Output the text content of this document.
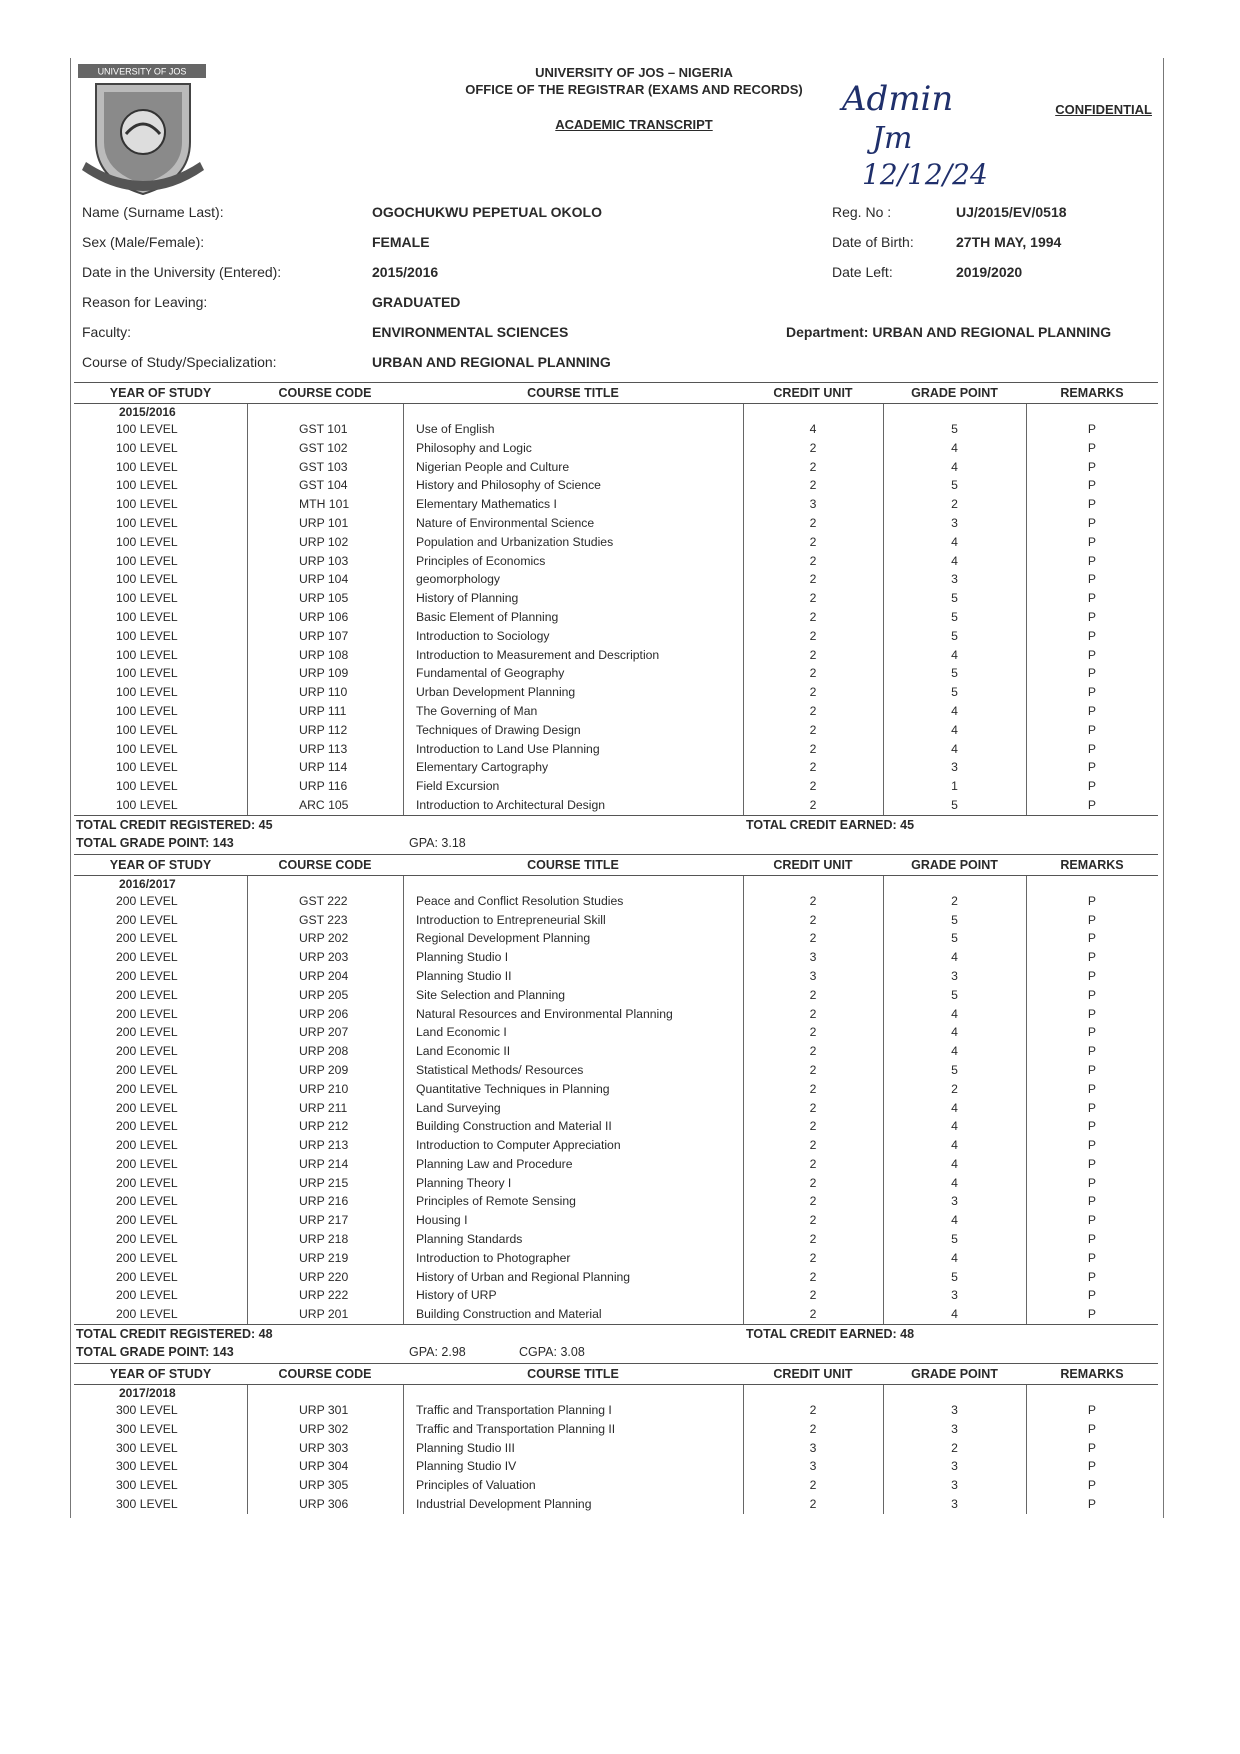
UNIVERSITY OF JOS	UNIVERSITY OF JOS – NIGERIA
OFFICE OF THE REGISTRAR (EXAMS AND RECORDS)
ACADEMIC TRANSCRIPT
Admin
Jm
12/12/24
CONFIDENTIAL
Name (Surname Last):	OGOCHUKWU PEPETUAL OKOLO
Sex (Male/Female):	FEMALE
Date in the University (Entered):	2015/2016
Reason for Leaving:	GRADUATED
Faculty:	ENVIRONMENTAL SCIENCES
Course of Study/Specialization:	URBAN AND REGIONAL PLANNING
Reg. No :	UJ/2015/EV/0518
Date of Birth:	27TH MAY, 1994
Date Left:	2019/2020
Department: URBAN AND REGIONAL PLANNING
YEAR OF STUDY	COURSE CODE	COURSE TITLE	CREDIT UNIT	GRADE POINT	REMARKS
2015/2016
100 LEVEL	GST 101	Use of English	4	5	P
100 LEVEL	GST 102	Philosophy and Logic	2	4	P
100 LEVEL	GST 103	Nigerian People and Culture	2	4	P
100 LEVEL	GST 104	History and Philosophy of Science	2	5	P
100 LEVEL	MTH 101	Elementary Mathematics I	3	2	P
100 LEVEL	URP 101	Nature of Environmental Science	2	3	P
100 LEVEL	URP 102	Population and Urbanization Studies	2	4	P
100 LEVEL	URP 103	Principles of Economics	2	4	P
100 LEVEL	URP 104	geomorphology	2	3	P
100 LEVEL	URP 105	History of Planning	2	5	P
100 LEVEL	URP 106	Basic Element of Planning	2	5	P
100 LEVEL	URP 107	Introduction to Sociology	2	5	P
100 LEVEL	URP 108	Introduction to Measurement and Description	2	4	P
100 LEVEL	URP 109	Fundamental of Geography	2	5	P
100 LEVEL	URP 110	Urban Development Planning	2	5	P
100 LEVEL	URP 111	The Governing of Man	2	4	P
100 LEVEL	URP 112	Techniques of Drawing Design	2	4	P
100 LEVEL	URP 113	Introduction to Land Use Planning	2	4	P
100 LEVEL	URP 114	Elementary Cartography	2	3	P
100 LEVEL	URP 116	Field Excursion	2	1	P
100 LEVEL	ARC 105	Introduction to Architectural Design	2	5	P
TOTAL CREDIT REGISTERED: 45
TOTAL GRADE POINT: 143	GPA: 3.18
TOTAL CREDIT EARNED: 45
YEAR OF STUDY	COURSE CODE	COURSE TITLE	CREDIT UNIT	GRADE POINT	REMARKS
2016/2017
200 LEVEL	GST 222	Peace and Conflict Resolution Studies	2	2	P
200 LEVEL	GST 223	Introduction to Entrepreneurial Skill	2	5	P
200 LEVEL	URP 202	Regional Development Planning	2	5	P
200 LEVEL	URP 203	Planning Studio I	3	4	P
200 LEVEL	URP 204	Planning Studio II	3	3	P
200 LEVEL	URP 205	Site Selection and Planning	2	5	P
200 LEVEL	URP 206	Natural Resources and Environmental Planning	2	4	P
200 LEVEL	URP 207	Land Economic I	2	4	P
200 LEVEL	URP 208	Land Economic II	2	4	P
200 LEVEL	URP 209	Statistical Methods/ Resources	2	5	P
200 LEVEL	URP 210	Quantitative Techniques in Planning	2	2	P
200 LEVEL	URP 211	Land Surveying	2	4	P
200 LEVEL	URP 212	Building Construction and Material II	2	4	P
200 LEVEL	URP 213	Introduction to Computer Appreciation	2	4	P
200 LEVEL	URP 214	Planning Law and Procedure	2	4	P
200 LEVEL	URP 215	Planning Theory I	2	4	P
200 LEVEL	URP 216	Principles of Remote Sensing	2	3	P
200 LEVEL	URP 217	Housing I	2	4	P
200 LEVEL	URP 218	Planning Standards	2	5	P
200 LEVEL	URP 219	Introduction to Photographer	2	4	P
200 LEVEL	URP 220	History of Urban and Regional Planning	2	5	P
200 LEVEL	URP 222	History of URP	2	3	P
200 LEVEL	URP 201	Building Construction and Material	2	4	P
TOTAL CREDIT REGISTERED: 48
TOTAL GRADE POINT: 143	GPA: 2.98	CGPA: 3.08
TOTAL CREDIT EARNED: 48
YEAR OF STUDY	COURSE CODE	COURSE TITLE	CREDIT UNIT	GRADE POINT	REMARKS
2017/2018
300 LEVEL	URP 301	Traffic and Transportation Planning I	2	3	P
300 LEVEL	URP 302	Traffic and Transportation Planning II	2	3	P
300 LEVEL	URP 303	Planning Studio III	3	2	P
300 LEVEL	URP 304	Planning Studio IV	3	3	P
300 LEVEL	URP 305	Principles of Valuation	2	3	P
300 LEVEL	URP 306	Industrial Development Planning	2	3	P
